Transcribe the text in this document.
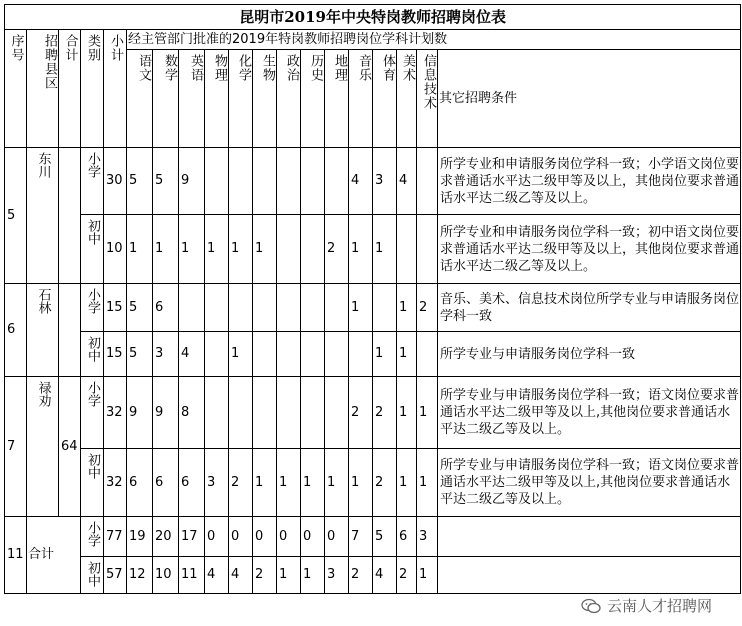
昆明市2019年中央特岗教师招聘岗位表																		
序号	招聘县区	合计	类别	小计	经主管部门批准的2019年特岗教师招聘岗位学科计划数													
					语文	数学	英语	物理	化学	生物	政治	历史	地理	音乐	体育	美术	信息技术	其它招聘条件
5	东川		小学	30	5	5	9							4	3	4		所学专业和申请服务岗位学科一致；小学语文岗位要求普通话水平达二级甲等及以上，其他岗位要求普通话水平达二级乙等及以上。
			初中	10	1	1	1	1	1	1			2	1	1			所学专业和申请服务岗位学科一致；初中语文岗位要求普通话水平达二级甲等及以上，其他岗位要求普通话水平达二级乙等及以上。
6	石林		小学	15	5	6								1		1	2	音乐、美术、信息技术岗位所学专业与申请服务岗位学科一致
			初中	15	5	3	4		1						1	1		所学专业与申请服务岗位学科一致
7	禄劝	64	小学	32	9	9	8							2	2	1	1	所学专业与申请服务岗位学科一致；语文岗位要求普通话水平达二级甲等及以上,其他岗位要求普通话水平达二级乙等及以上。
			初中	32	6	6	6	3	2	1	1	1	1	1	2	1	1	所学专业与申请服务岗位学科一致；语文岗位要求普通话水平达二级甲等及以上,其他岗位要求普通话水平达二级乙等及以上。
11	合计		小学	77	19	20	17	0	0	0	0	0	0	7	5	6	3	
			初中	57	12	10	11	4	4	2	1	1	3	2	4	2	1	
云南人才招聘网
